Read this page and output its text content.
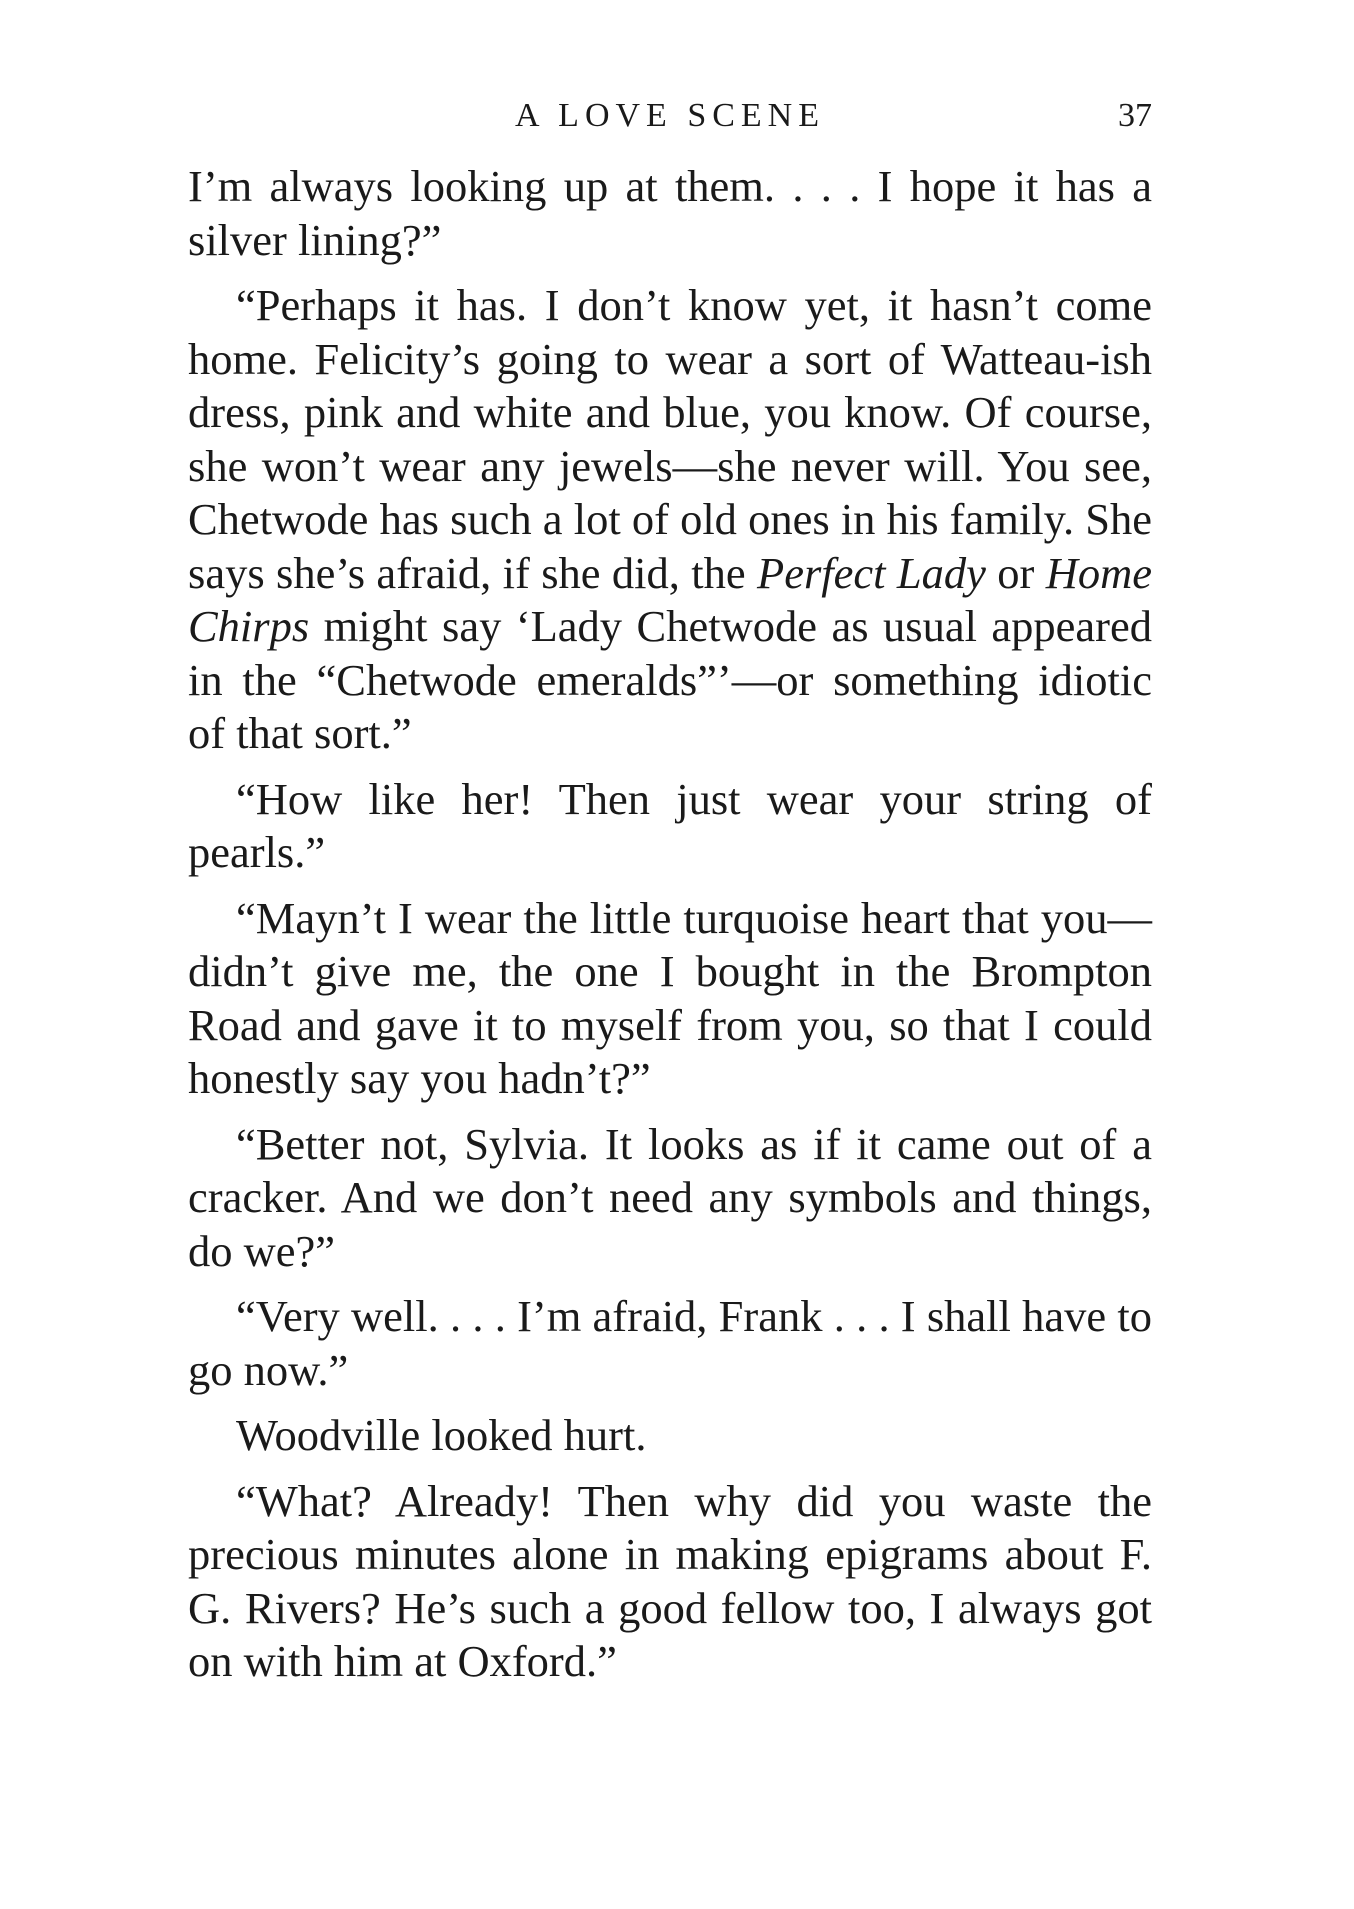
A LOVE SCENE	37

I’m always looking up at them. . . . I hope it has a silver lining?”

“Perhaps it has. I don’t know yet, it hasn’t come home. Felicity’s going to wear a sort of Watteau-ish dress, pink and white and blue, you know. Of course, she won’t wear any jewels—she never will. You see, Chetwode has such a lot of old ones in his family. She says she’s afraid, if she did, the Perfect Lady or Home Chirps might say ‘Lady Chetwode as usual appeared in the “Chetwode emeralds”’—or something idiotic of that sort.”

“How like her! Then just wear your string of pearls.”

“Mayn’t I wear the little turquoise heart that you—didn’t give me, the one I bought in the Brompton Road and gave it to myself from you, so that I could honestly say you hadn’t?”

“Better not, Sylvia. It looks as if it came out of a cracker. And we don’t need any symbols and things, do we?”

“Very well. . . . I’m afraid, Frank . . . I shall have to go now.”

Woodville looked hurt.

“What? Already! Then why did you waste the precious minutes alone in making epigrams about F. G. Rivers? He’s such a good fellow too, I always got on with him at Oxford.”
